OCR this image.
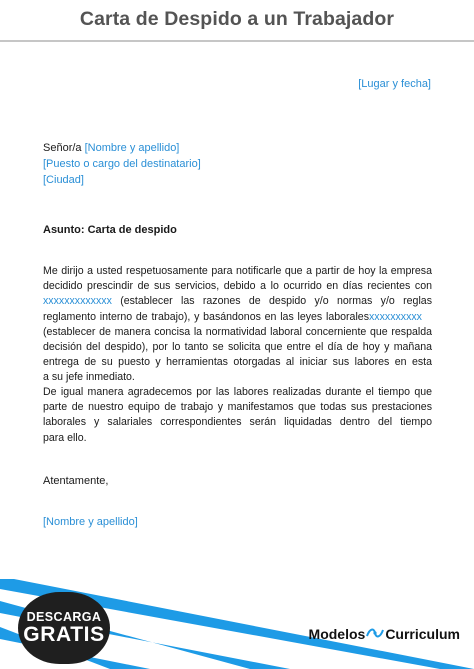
Carta de Despido a un Trabajador
[Lugar y fecha]
Señor/a [Nombre y apellido]
[Puesto o cargo del destinatario]
[Ciudad]
Asunto: Carta de despido
Me dirijo a usted respetuosamente para notificarle que a partir de hoy la empresa
decidido prescindir de sus servicios, debido a lo ocurrido en días recientes con
xxxxxxxxxxxxx (establecer las razones de despido y/o normas y/o reglas
reglamento interno de trabajo), y basándonos en las leyes laboralesxxxxxxxxxx
(establecer de manera concisa la normatividad laboral concerniente que respalda
decisión del despido), por lo tanto se solicita que entre el día de hoy y mañana
entrega de su puesto y herramientas otorgadas al iniciar sus labores en esta
a su jefe inmediato.
De igual manera agradecemos por las labores realizadas durante el tiempo que
parte de nuestro equipo de trabajo y manifestamos que todas sus prestaciones
laborales y salariales correspondientes serán liquidadas dentro del tiempo
para ello.
Atentamente,
[Nombre y apellido]
DESCARGA
GRATIS	Modelos Curriculum
